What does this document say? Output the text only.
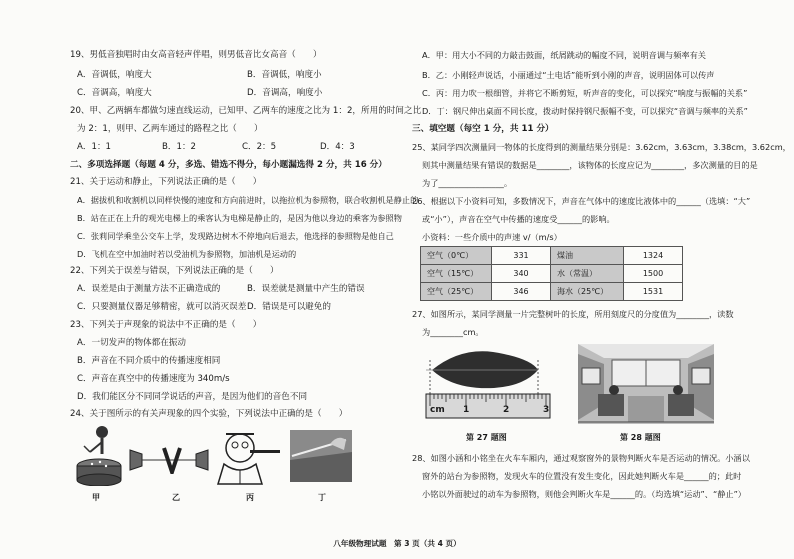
19、男低音独唱时由女高音轻声伴唱，则男低音比女高音（　　）
A．音调低，响度大	B．音调低，响度小
C．音调高，响度大	D．音调高，响度小
20、甲、乙两辆车都做匀速直线运动，已知甲、乙两车的速度之比为 1：2，所用的时间之比
为 2：1，则甲、乙两车通过的路程之比（　　）
A．1：1	B．1：2	C．2：5	D．4：3
二、多项选择题（每题 4 分，多选、错选不得分，每小题漏选得 2 分，共 16 分）
21、关于运动和静止，下列说法正确的是（　　）
A．据拔机和收割机以同样快慢的速度和方向前进时，以拖拉机为参照物，联合收割机是静止的
B．站在正在上升的观光电梯上的乘客认为电梯是静止的，是因为他以身边的乘客为参照物
C．张莉同学乘坐公交车上学，发现路边树木不停地向后退去，他选择的参照物是他自己
D．飞机在空中加油时若以受油机为参照物，加油机是运动的
22、下列关于误差与错误，下列说法正确的是（　　）
A．误差是由于测量方法不正确造成的	B．误差就是测量中产生的错误
C．只要测量仪器足够精密，就可以消灭误差 D．错误是可以避免的
23、下列关于声现象的说法中不正确的是（　　）
A．一切发声的物体都在振动
B．声音在不同介质中的传播速度相同
C．声音在真空中的传播速度为 340m/s
D．我们能区分不同同学说话的声音，是因为他们的音色不同
24、关于图所示的有关声现象的四个实验，下列说法中正确的是（　　）
甲	乙	丙	丁
A．甲：用大小不同的力敲击鼓面，纸屑跳动的幅度不同，说明音调与频率有关
B．乙：小刚轻声说话，小丽通过“土电话”能听到小刚的声音，说明固体可以传声
C．丙：用力吹一根细管，并将它不断剪短，听声音的变化，可以探究“响度与振幅的关系”
D．丁：钢尺伸出桌面不同长度，拨动时保持钢尺振幅不变，可以探究“音调与频率的关系”
三、填空题（每空 1 分，共 11 分）
25、某同学四次测量同一物体的长度得到的测量结果分别是：3.62cm，3.63cm，3.38cm，3.62cm，
则其中测量结果有错误的数据是________，该物体的长度应记为________，多次测量的目的是
为了________________。
26、根据以下小资料可知，多数情况下，声音在气体中的速度比液体中的______（选填：“大”
或“小”），声音在空气中传播的速度受______的影响。
小资料：一些介质中的声速 v/（m/s）
空气（0℃）	331	煤油	1324
空气（15℃）	340	水（常温）	1500
空气（25℃）	346	海水（25℃）	1531
27、如图所示，某同学测量一片完整树叶的长度，所用刻度尺的分度值为________，读数
为________cm。
cm 1	2	3
第 27 题图	第 28 题图
28、如图小涵和小铭坐在火车车厢内，通过观察窗外的景物判断火车是否运动的情况。小涵以
窗外的站台为参照物，发现火车的位置没有发生变化，因此她判断火车是______的；此时
小铭以外面驶过的动车为参照物，则他会判断火车是______的。（均选填“运动”、“静止”）
八年级物理试题　第 3 页（共 4 页）
